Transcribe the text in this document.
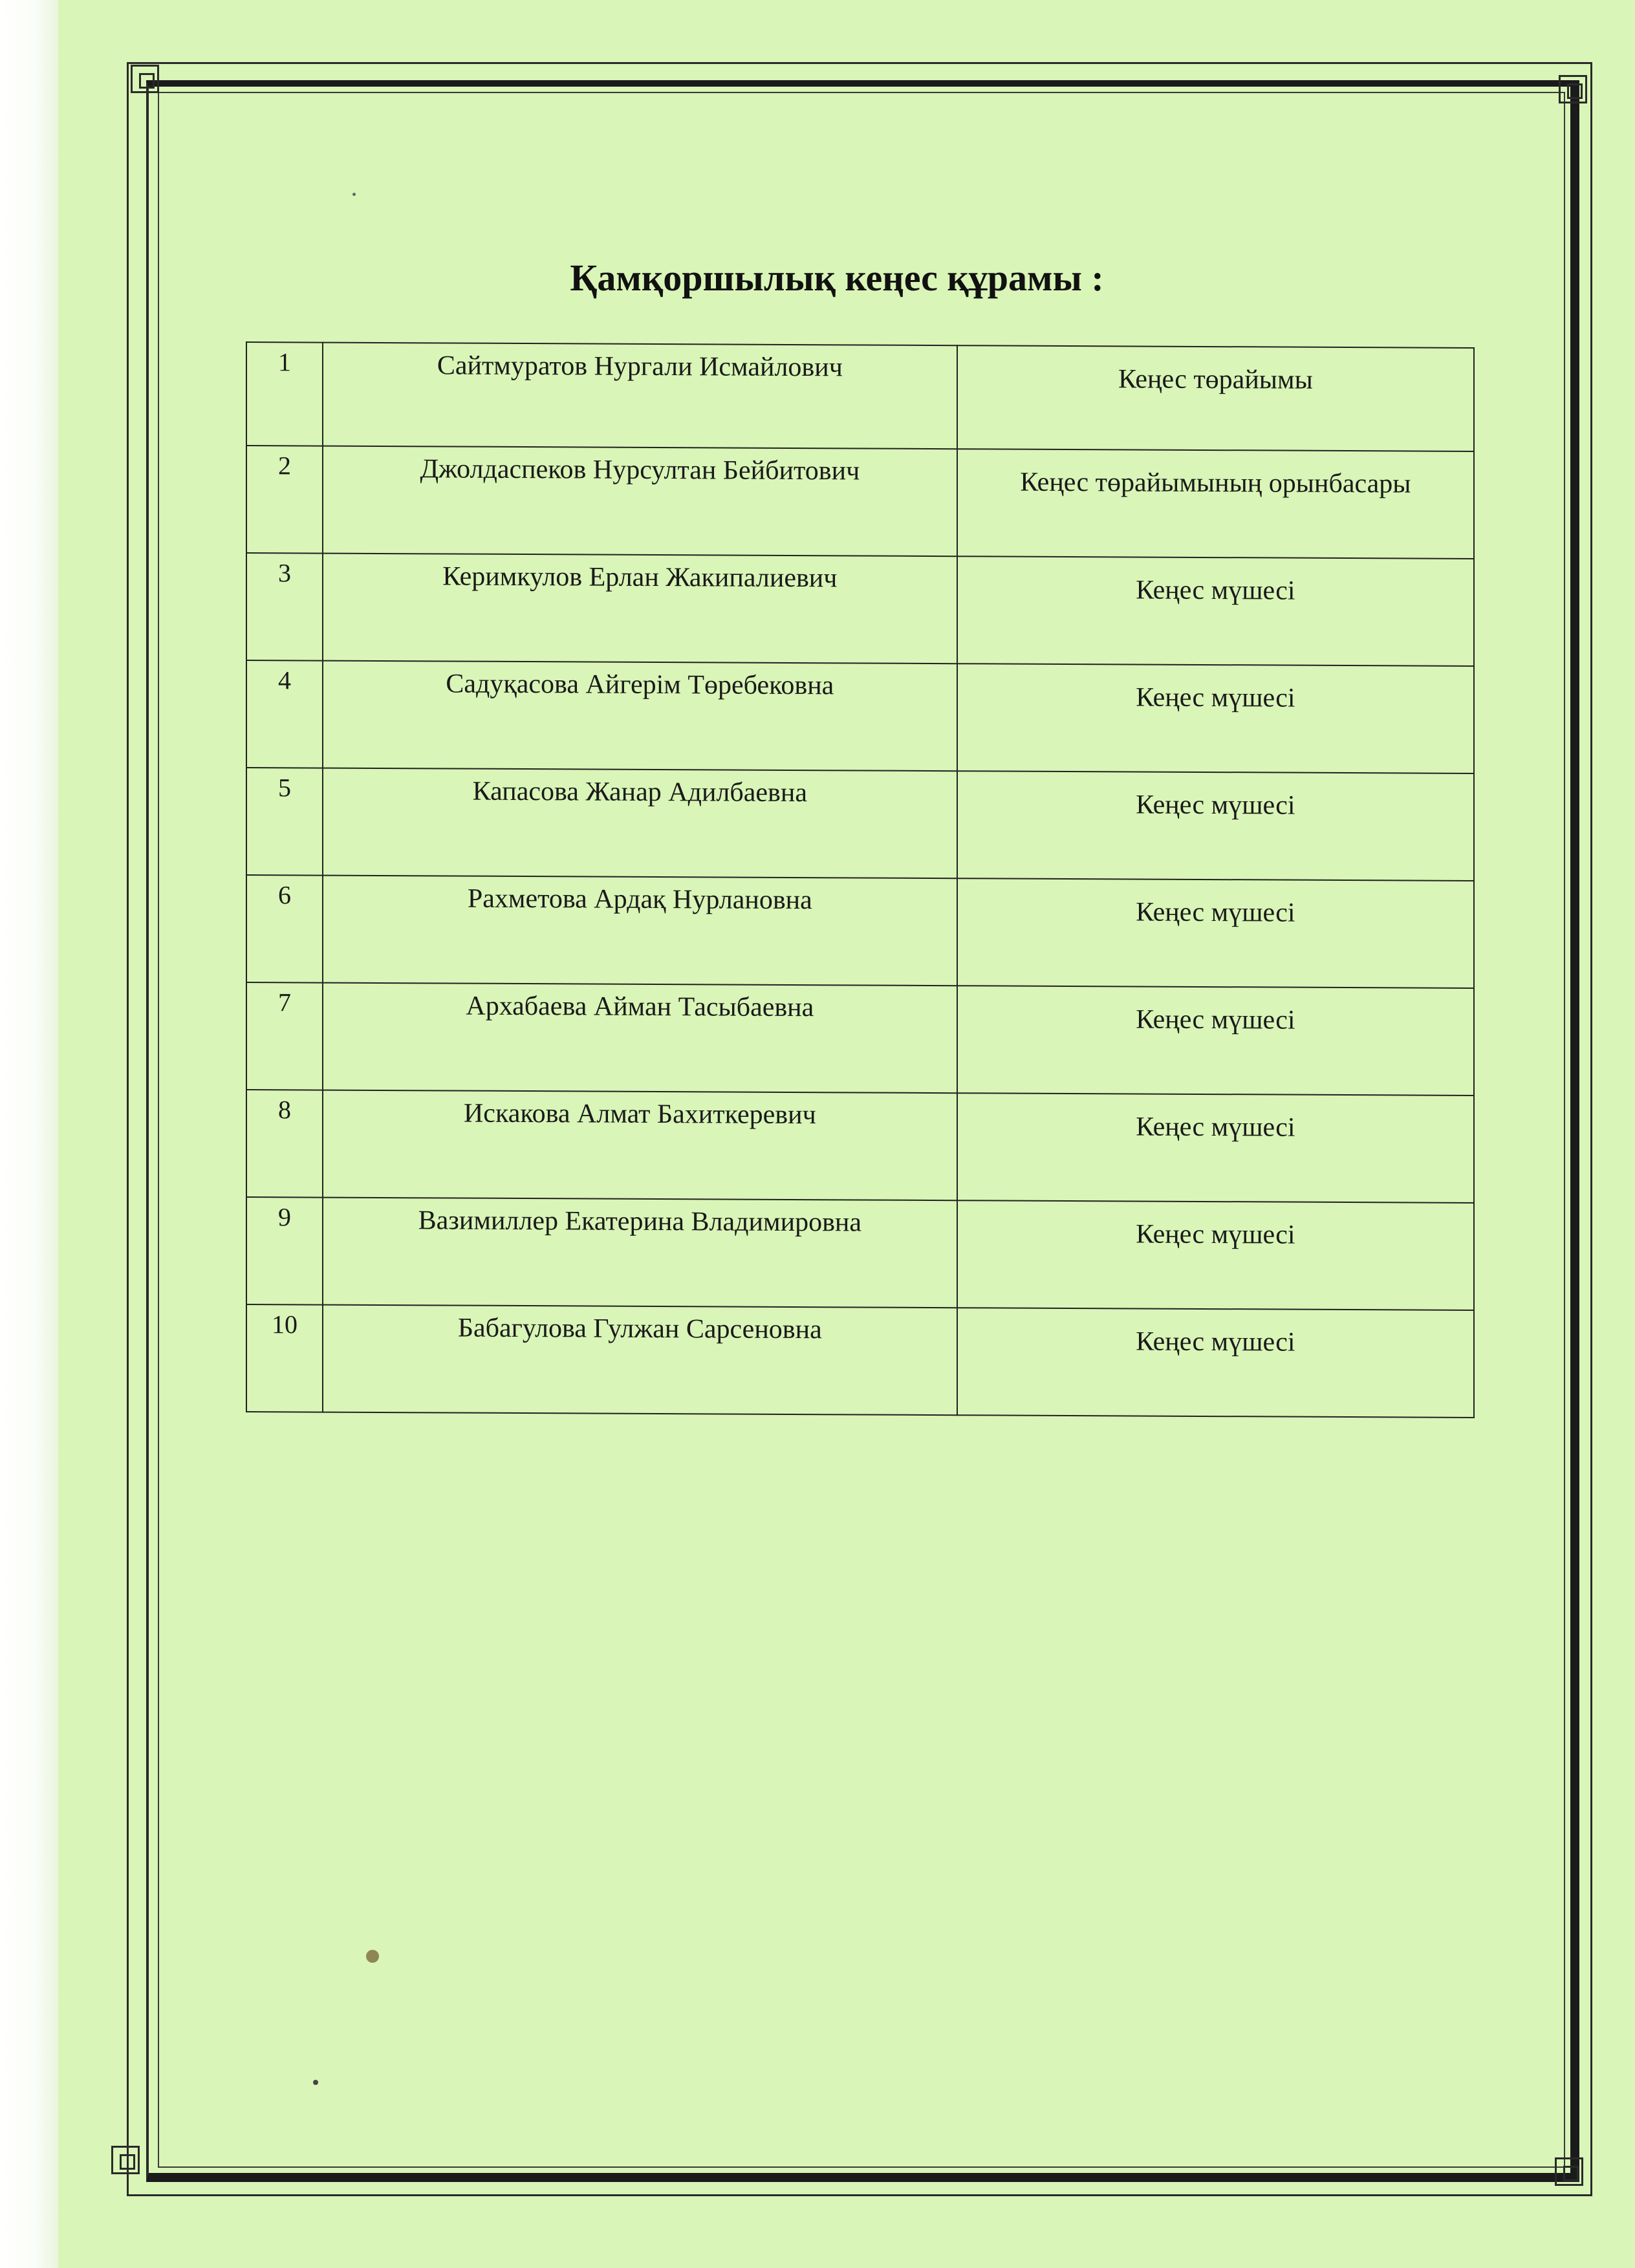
Қамқоршылық кеңес құрамы :
1	Сайтмуратов Нургали Исмайлович	Кеңес төрайымы
2	Джолдаспеков Нурсултан Бейбитович	Кеңес төрайымының орынбасары
3	Керимкулов Ерлан Жакипалиевич	Кеңес мүшесі
4	Садуқасова Айгерім Төребековна	Кеңес мүшесі
5	Капасова Жанар Адилбаевна	Кеңес мүшесі
6	Рахметова Ардақ Нурлановна	Кеңес мүшесі
7	Архабаева Айман Тасыбаевна	Кеңес мүшесі
8	Искакова Алмат Бахиткеревич	Кеңес мүшесі
9	Вазимиллер Екатерина Владимировна	Кеңес мүшесі
10	Бабагулова Гулжан Сарсеновна	Кеңес мүшесі
